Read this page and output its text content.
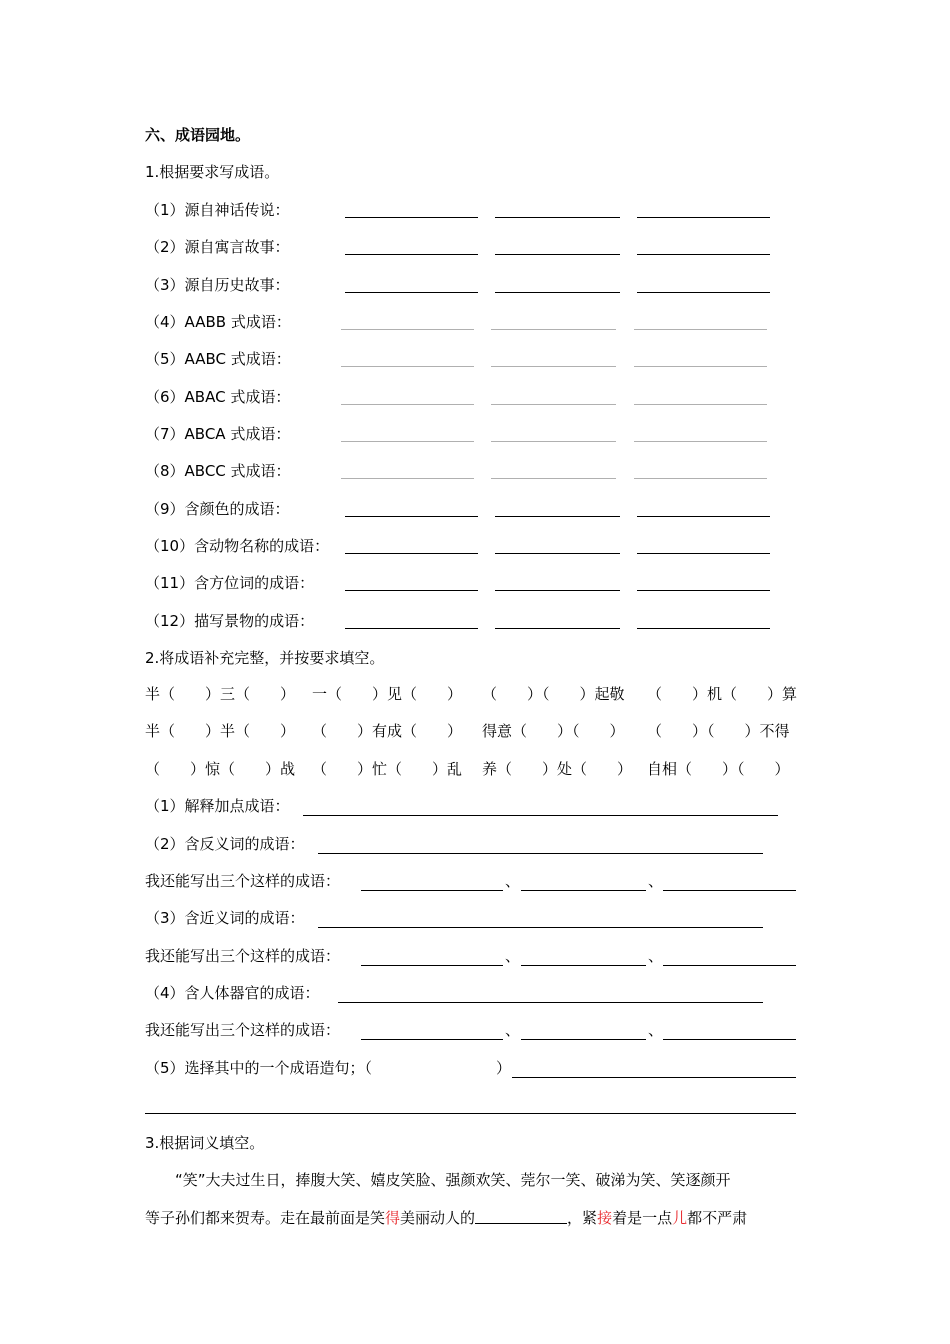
六、成语园地。
1.根据要求写成语。
（1）源自神话传说：
（2）源自寓言故事：
（3）源自历史故事：
（4）AABB 式成语：
（5）AABC 式成语：
（6）ABAC 式成语：
（7）ABCA 式成语：
（8）ABCC 式成语：
（9）含颜色的成语：
（10）含动物名称的成语：
（11）含方位词的成语：
（12）描写景物的成语：
2.将成语补充完整，并按要求填空。
半（　　）三（　　） 一（　　）见（　　） （　　）（　　）起敬 （　　）机（　　）算
半（　　）半（　　） （　　）有成（　　） 得意（　　）（　　） （　　）（　　）不得
（　　）惊（　　）战 （　　）忙（　　）乱 养（　　）处（　　） 自相（　　）（　　）
（1）解释加点成语：
（2）含反义词的成语：
我还能写出三个这样的成语：	、	、
（3）含近义词的成语：
我还能写出三个这样的成语：	、	、
（4）含人体器官的成语：
我还能写出三个这样的成语：	、	、
（5）选择其中的一个成语造句；（	）
3.根据词义填空。
“笑”大夫过生日，捧腹大笑、嬉皮笑脸、强颜欢笑、莞尔一笑、破涕为笑、笑逐颜开
等子孙们都来贺寿。走在最前面是笑得美丽动人的	，紧接着是一点儿都不严肃
